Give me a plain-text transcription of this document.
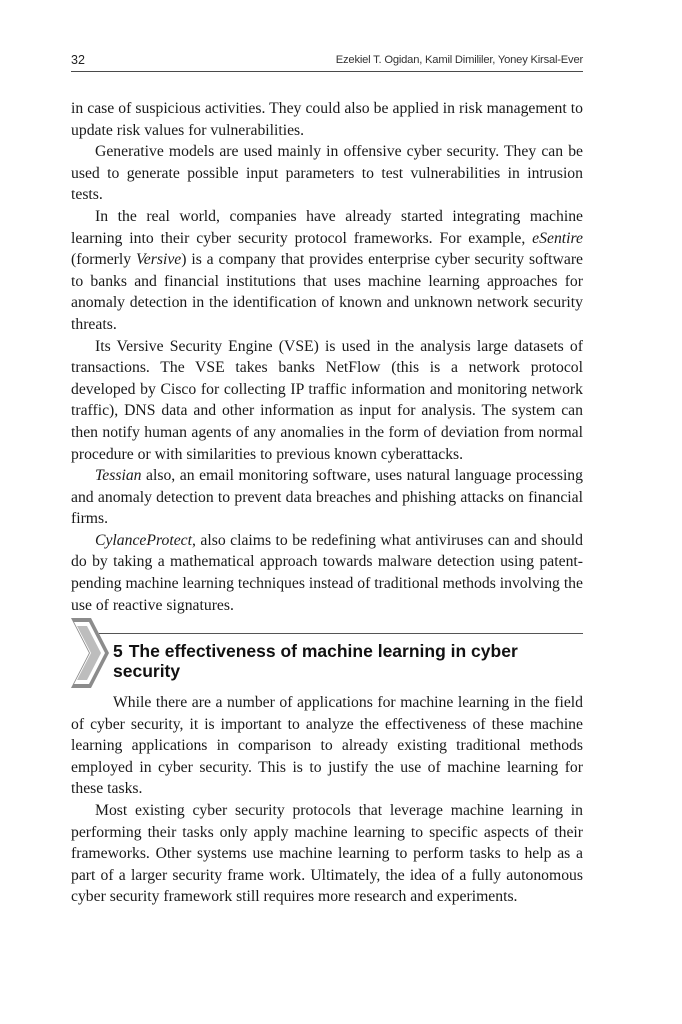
32	Ezekiel T. Ogidan, Kamil Dimililer, Yoney Kirsal-Ever

in case of suspicious activities. They could also be applied in risk management to update risk values for vulnerabilities.

Generative models are used mainly in offensive cyber security. They can be used to generate possible input parameters to test vulnerabilities in intrusion tests.

In the real world, companies have already started integrating machine learning into their cyber security protocol frameworks. For example, eSentire (formerly Versive) is a company that provides enterprise cyber security software to banks and financial institutions that uses machine learning approaches for anomaly detection in the identification of known and unknown network security threats.

Its Versive Security Engine (VSE) is used in the analysis large datasets of transactions. The VSE takes banks NetFlow (this is a network protocol developed by Cisco for collecting IP traffic information and monitoring network traffic), DNS data and other information as input for analysis. The system can then notify human agents of any anomalies in the form of deviation from normal procedure or with similarities to previous known cyberattacks.

Tessian also, an email monitoring software, uses natural language processing and anomaly detection to prevent data breaches and phishing attacks on financial firms.

CylanceProtect, also claims to be redefining what antiviruses can and should do by taking a mathematical approach towards malware detection using patent-pending machine learning techniques instead of traditional methods involving the use of reactive signatures.

5 The effectiveness of machine learning in cyber security

While there are a number of applications for machine learning in the field of cyber security, it is important to analyze the effectiveness of these machine learning applications in comparison to already existing traditional methods employed in cyber security. This is to justify the use of machine learning for these tasks.

Most existing cyber security protocols that leverage machine learning in performing their tasks only apply machine learning to specific aspects of their frameworks. Other systems use machine learning to perform tasks to help as a part of a larger security frame work. Ultimately, the idea of a fully autonomous cyber security framework still requires more research and experiments.
